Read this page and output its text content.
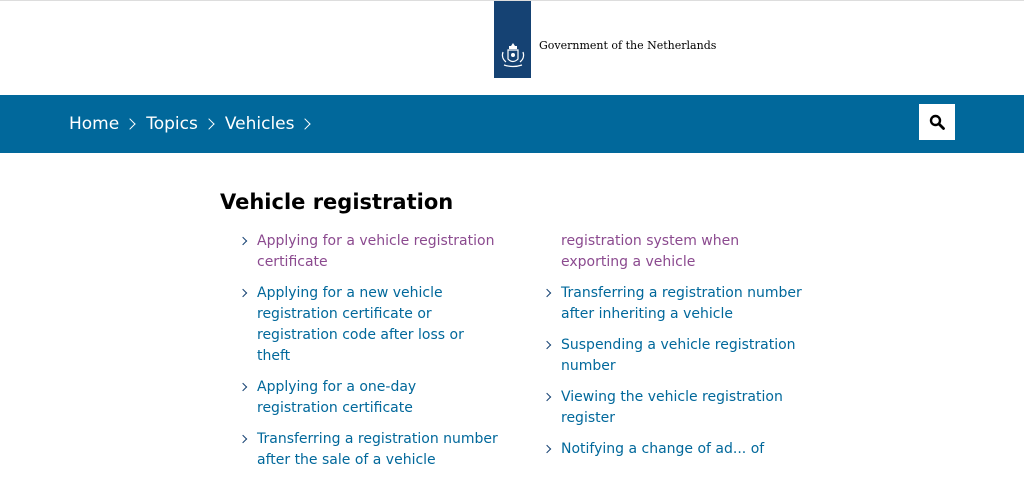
Government of the Netherlands
Home Topics Vehicles
Vehicle registration
Applying for a vehicle registration certificate
Applying for a new vehicle registration certificate or registration code after loss or theft
Applying for a one-day registration certificate
Transferring a registration number after the sale of a vehicle
registration system when exporting a vehicle
Transferring a registration number after inheriting a vehicle
Suspending a vehicle registration number
Viewing the vehicle registration register
Notifying a change of ad... of
